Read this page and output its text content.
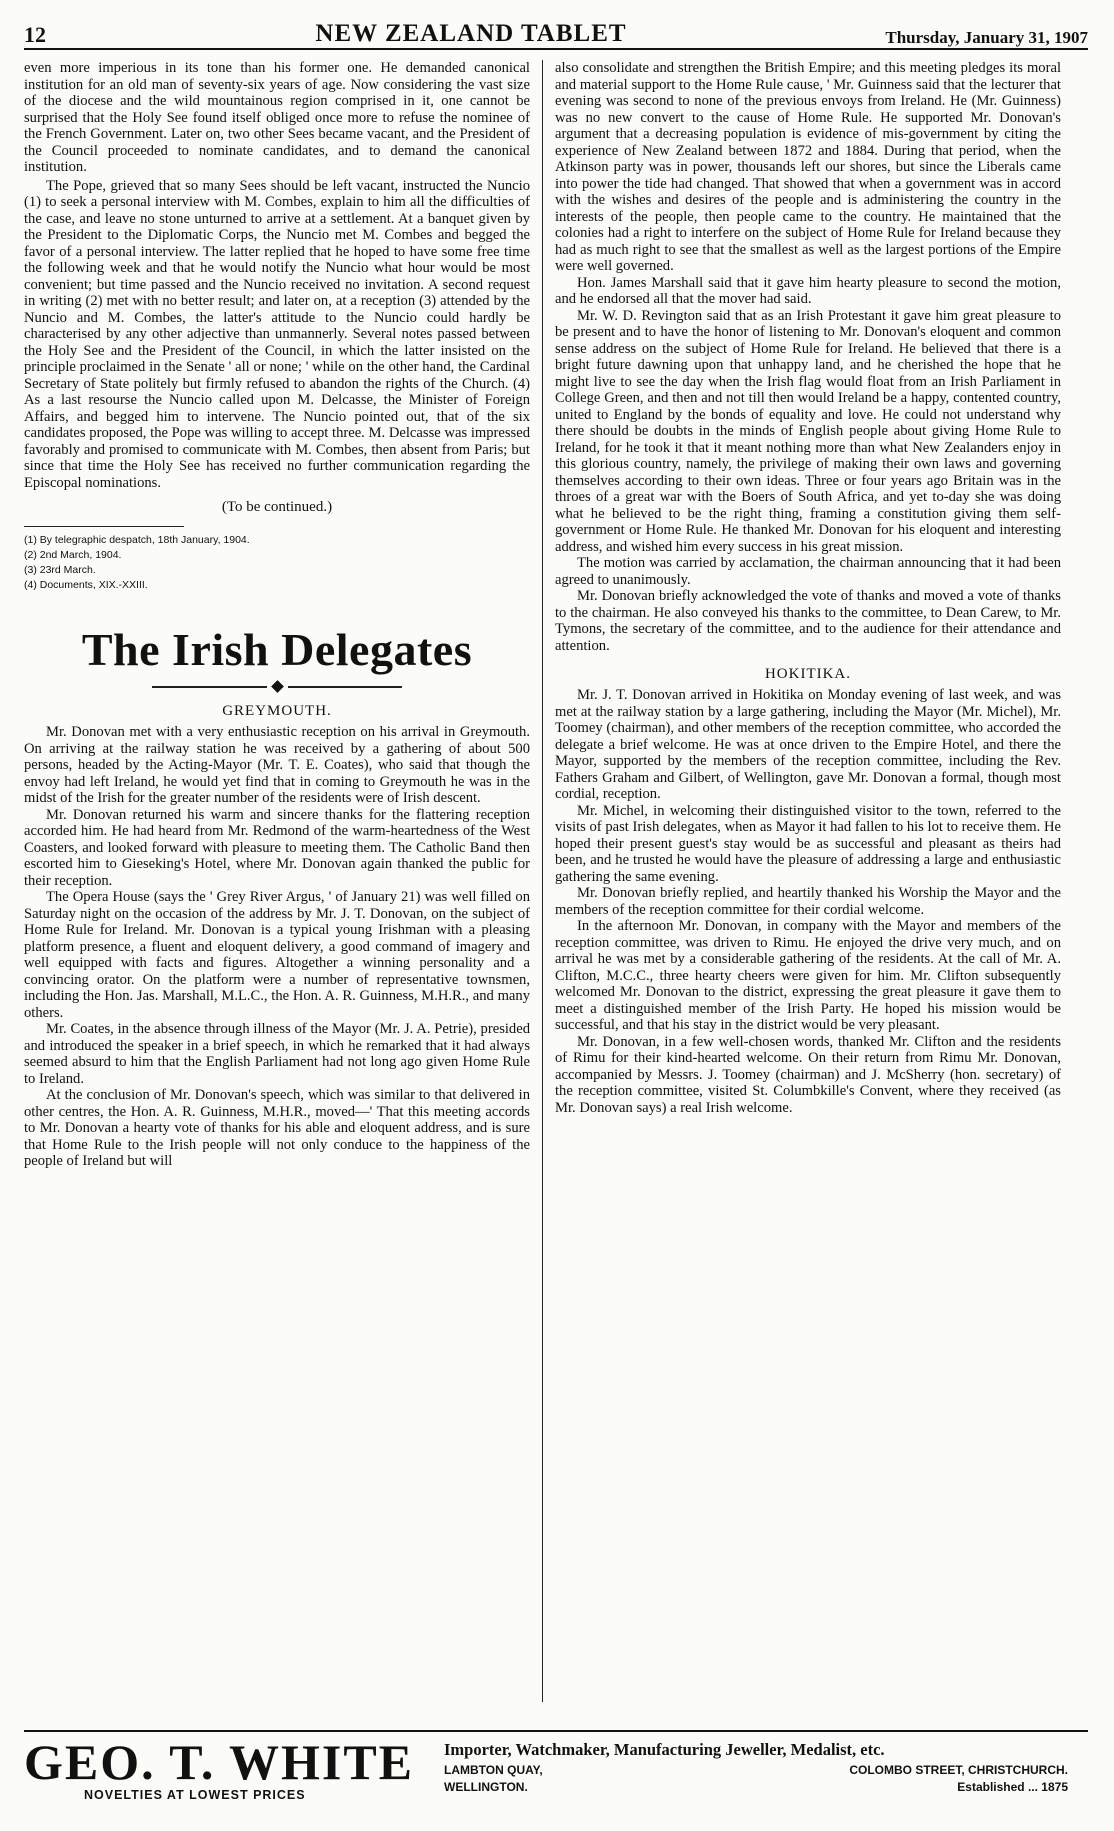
12	NEW ZEALAND TABLET	Thursday, January 31, 1907

even more imperious in its tone than his former one. He demanded canonical institution for an old man of seventy-six years of age. Now considering the vast size of the diocese and the wild mountainous region comprised in it, one cannot be surprised that the Holy See found itself obliged once more to refuse the nominee of the French Government. Later on, two other Sees became vacant, and the President of the Council proceeded to nominate candidates, and to demand the canonical institution.

The Pope, grieved that so many Sees should be left vacant, instructed the Nuncio (1) to seek a personal interview with M. Combes, explain to him all the difficulties of the case, and leave no stone unturned to arrive at a settlement. At a banquet given by the President to the Diplomatic Corps, the Nuncio met M. Combes and begged the favor of a personal interview. The latter replied that he hoped to have some free time the following week and that he would notify the Nuncio what hour would be most convenient; but time passed and the Nuncio received no invitation. A second request in writing (2) met with no better result; and later on, at a reception (3) attended by the Nuncio and M. Combes, the latter's attitude to the Nuncio could hardly be characterised by any other adjective than unmannerly. Several notes passed between the Holy See and the President of the Council, in which the latter insisted on the principle proclaimed in the Senate ' all or none; ' while on the other hand, the Cardinal Secretary of State politely but firmly refused to abandon the rights of the Church. (4) As a last resourse the Nuncio called upon M. Delcasse, the Minister of Foreign Affairs, and begged him to intervene. The Nuncio pointed out, that of the six candidates proposed, the Pope was willing to accept three. M. Delcasse was impressed favorably and promised to communicate with M. Combes, then absent from Paris; but since that time the Holy See has received no further communication regarding the Episcopal nominations.

(To be continued.)
(1) By telegraphic despatch, 18th January, 1904.
(2) 2nd March, 1904.
(3) 23rd March.
(4) Documents, XIX.-XXIII.
The Irish Delegates
GREYMOUTH.

Mr. Donovan met with a very enthusiastic reception on his arrival in Greymouth. On arriving at the railway station he was received by a gathering of about 500 persons, headed by the Acting-Mayor (Mr. T. E. Coates), who said that though the envoy had left Ireland, he would yet find that in coming to Greymouth he was in the midst of the Irish for the greater number of the residents were of Irish descent.

Mr. Donovan returned his warm and sincere thanks for the flattering reception accorded him. He had heard from Mr. Redmond of the warm-heartedness of the West Coasters, and looked forward with pleasure to meeting them. The Catholic Band then escorted him to Gieseking's Hotel, where Mr. Donovan again thanked the public for their reception.

The Opera House (says the ' Grey River Argus, ' of January 21) was well filled on Saturday night on the occasion of the address by Mr. J. T. Donovan, on the subject of Home Rule for Ireland. Mr. Donovan is a typical young Irishman with a pleasing platform presence, a fluent and eloquent delivery, a good command of imagery and well equipped with facts and figures. Altogether a winning personality and a convincing orator. On the platform were a number of representative townsmen, including the Hon. Jas. Marshall, M.L.C., the Hon. A. R. Guinness, M.H.R., and many others.

Mr. Coates, in the absence through illness of the Mayor (Mr. J. A. Petrie), presided and introduced the speaker in a brief speech, in which he remarked that it had always seemed absurd to him that the English Parliament had not long ago given Home Rule to Ireland.

At the conclusion of Mr. Donovan's speech, which was similar to that delivered in other centres, the Hon. A. R. Guinness, M.H.R., moved—' That this meeting accords to Mr. Donovan a hearty vote of thanks for his able and eloquent address, and is sure that Home Rule to the Irish people will not only conduce to the happiness of the people of Ireland but will

also consolidate and strengthen the British Empire; and this meeting pledges its moral and material support to the Home Rule cause, ' Mr. Guinness said that the lecturer that evening was second to none of the previous envoys from Ireland. He (Mr. Guinness) was no new convert to the cause of Home Rule. He supported Mr. Donovan's argument that a decreasing population is evidence of mis-government by citing the experience of New Zealand between 1872 and 1884. During that period, when the Atkinson party was in power, thousands left our shores, but since the Liberals came into power the tide had changed. That showed that when a government was in accord with the wishes and desires of the people and is administering the country in the interests of the people, then people came to the country. He maintained that the colonies had a right to interfere on the subject of Home Rule for Ireland because they had as much right to see that the smallest as well as the largest portions of the Empire were well governed.

Hon. James Marshall said that it gave him hearty pleasure to second the motion, and he endorsed all that the mover had said.

Mr. W. D. Revington said that as an Irish Protestant it gave him great pleasure to be present and to have the honor of listening to Mr. Donovan's eloquent and common sense address on the subject of Home Rule for Ireland. He believed that there is a bright future dawning upon that unhappy land, and he cherished the hope that he might live to see the day when the Irish flag would float from an Irish Parliament in College Green, and then and not till then would Ireland be a happy, contented country, united to England by the bonds of equality and love. He could not understand why there should be doubts in the minds of English people about giving Home Rule to Ireland, for he took it that it meant nothing more than what New Zealanders enjoy in this glorious country, namely, the privilege of making their own laws and governing themselves according to their own ideas. Three or four years ago Britain was in the throes of a great war with the Boers of South Africa, and yet to-day she was doing what he believed to be the right thing, framing a constitution giving them self-government or Home Rule. He thanked Mr. Donovan for his eloquent and interesting address, and wished him every success in his great mission.

The motion was carried by acclamation, the chairman announcing that it had been agreed to unanimously.

Mr. Donovan briefly acknowledged the vote of thanks and moved a vote of thanks to the chairman. He also conveyed his thanks to the committee, to Dean Carew, to Mr. Tymons, the secretary of the committee, and to the audience for their attendance and attention.

HOKITIKA.

Mr. J. T. Donovan arrived in Hokitika on Monday evening of last week, and was met at the railway station by a large gathering, including the Mayor (Mr. Michel), Mr. Toomey (chairman), and other members of the reception committee, who accorded the delegate a brief welcome. He was at once driven to the Empire Hotel, and there the Mayor, supported by the members of the reception committee, including the Rev. Fathers Graham and Gilbert, of Wellington, gave Mr. Donovan a formal, though most cordial, reception.

Mr. Michel, in welcoming their distinguished visitor to the town, referred to the visits of past Irish delegates, when as Mayor it had fallen to his lot to receive them. He hoped their present guest's stay would be as successful and pleasant as theirs had been, and he trusted he would have the pleasure of addressing a large and enthusiastic gathering the same evening.

Mr. Donovan briefly replied, and heartily thanked his Worship the Mayor and the members of the reception committee for their cordial welcome.

In the afternoon Mr. Donovan, in company with the Mayor and members of the reception committee, was driven to Rimu. He enjoyed the drive very much, and on arrival he was met by a considerable gathering of the residents. At the call of Mr. A. Clifton, M.C.C., three hearty cheers were given for him. Mr. Clifton subsequently welcomed Mr. Donovan to the district, expressing the great pleasure it gave them to meet a distinguished member of the Irish Party. He hoped his mission would be successful, and that his stay in the district would be very pleasant.

Mr. Donovan, in a few well-chosen words, thanked Mr. Clifton and the residents of Rimu for their kind-hearted welcome. On their return from Rimu Mr. Donovan, accompanied by Messrs. J. Toomey (chairman) and J. McSherry (hon. secretary) of the reception committee, visited St. Columbkille's Convent, where they received (as Mr. Donovan says) a real Irish welcome.

GEO. T. WHITE
NOVELTIES AT LOWEST PRICES
Importer, Watchmaker, Manufacturing Jeweller, Medalist, etc.
LAMBTON QUAY,	COLOMBO STREET, CHRISTCHURCH.
WELLINGTON.	Established ... 1875
